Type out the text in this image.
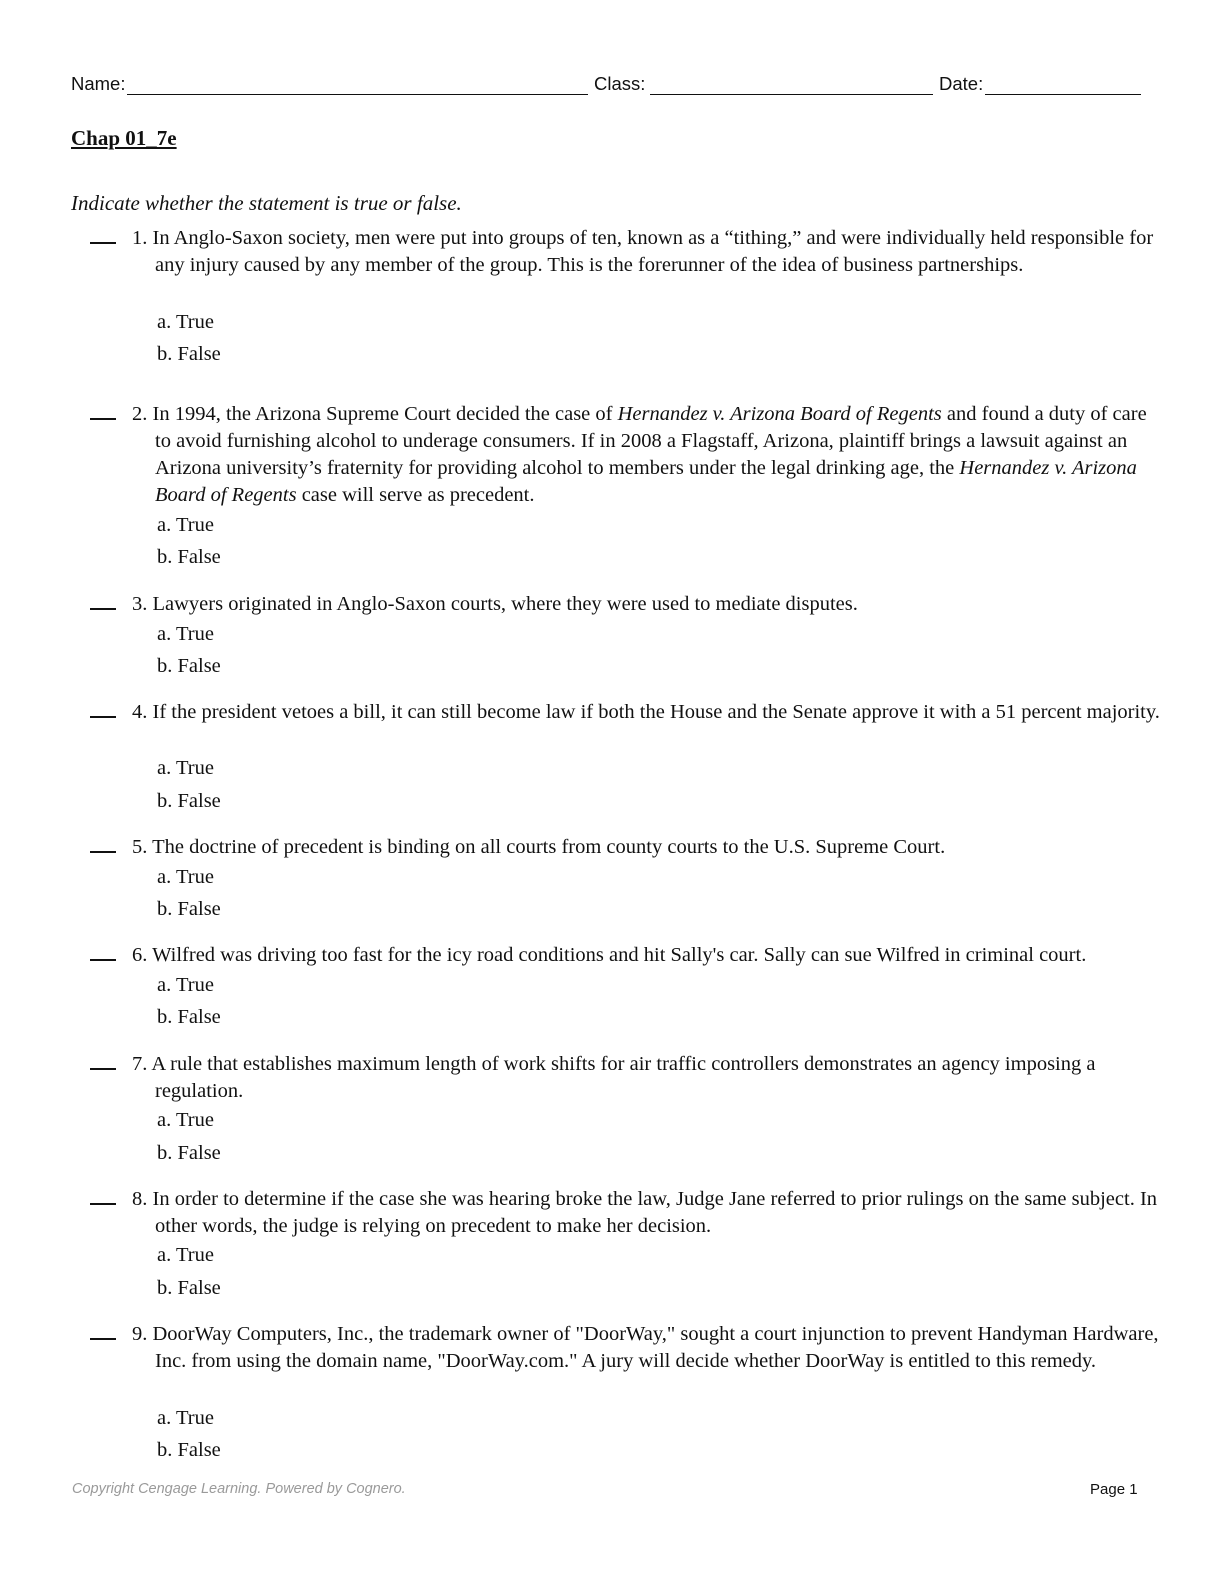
Name:	Class:	Date:
Chap 01_7e
Indicate whether the statement is true or false.
1. In Anglo-Saxon society, men were put into groups of ten, known as a “tithing,” and were individually held responsible for any injury caused by any member of the group. This is the forerunner of the idea of business partnerships.
a. True
b. False
2. In 1994, the Arizona Supreme Court decided the case of Hernandez v. Arizona Board of Regents and found a duty of care to avoid furnishing alcohol to underage consumers. If in 2008 a Flagstaff, Arizona, plaintiff brings a lawsuit against an Arizona university’s fraternity for providing alcohol to members under the legal drinking age, the Hernandez v. Arizona Board of Regents case will serve as precedent.
a. True
b. False
3. Lawyers originated in Anglo-Saxon courts, where they were used to mediate disputes.
a. True
b. False
4. If the president vetoes a bill, it can still become law if both the House and the Senate approve it with a 51 percent majority.
a. True
b. False
5. The doctrine of precedent is binding on all courts from county courts to the U.S. Supreme Court.
a. True
b. False
6. Wilfred was driving too fast for the icy road conditions and hit Sally's car. Sally can sue Wilfred in criminal court.
a. True
b. False
7. A rule that establishes maximum length of work shifts for air traffic controllers demonstrates an agency imposing a regulation.
a. True
b. False
8. In order to determine if the case she was hearing broke the law, Judge Jane referred to prior rulings on the same subject. In other words, the judge is relying on precedent to make her decision.
a. True
b. False
9. DoorWay Computers, Inc., the trademark owner of "DoorWay," sought a court injunction to prevent Handyman Hardware, Inc. from using the domain name, "DoorWay.com." A jury will decide whether DoorWay is entitled to this remedy.
a. True
b. False
Copyright Cengage Learning. Powered by Cognero.	Page 1
